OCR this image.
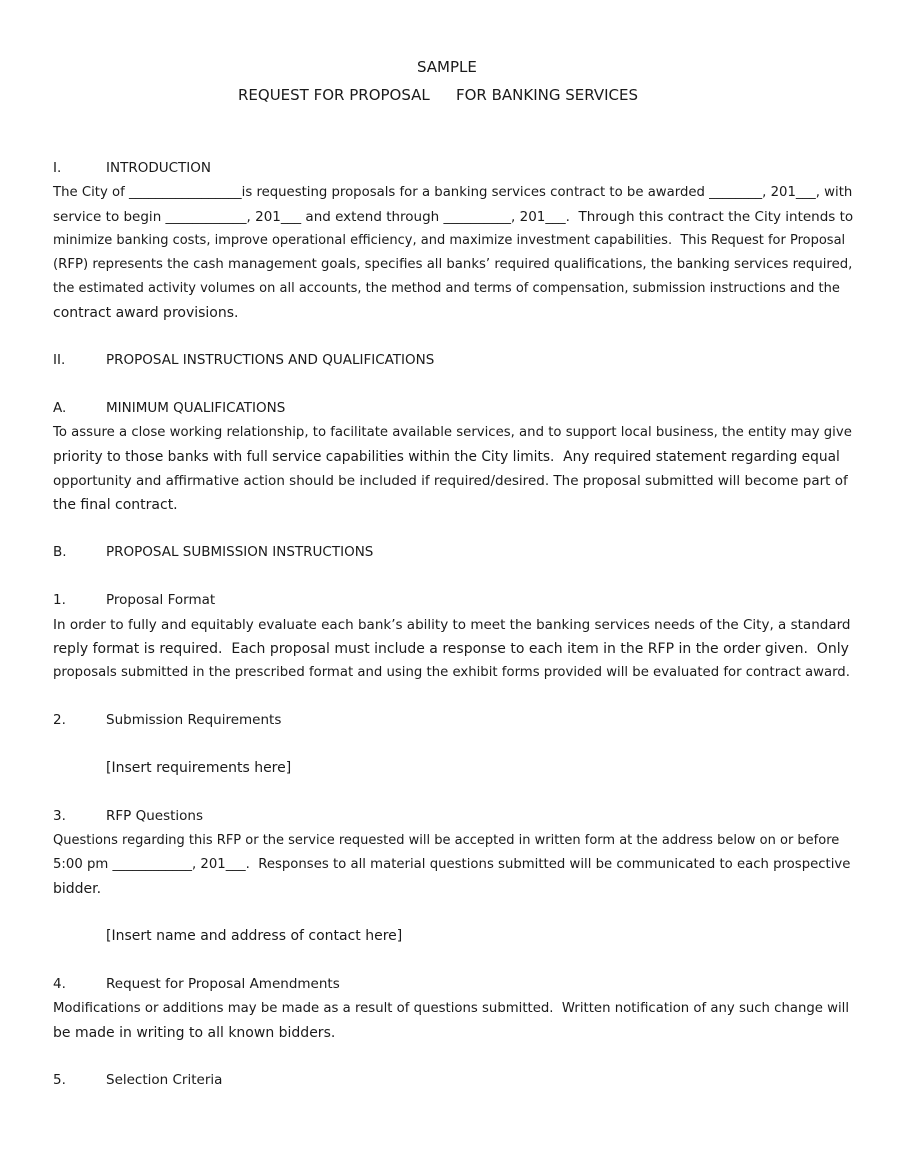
SAMPLE
REQUEST FOR PROPOSAL FOR BANKING SERVICES
I.	INTRODUCTION
The City of _________________is requesting proposals for a banking services contract to be awarded ________, 201___, with
service to begin ____________, 201___ and extend through __________, 201___.  Through this contract the City intends to
minimize banking costs, improve operational efficiency, and maximize investment capabilities.  This Request for Proposal
(RFP) represents the cash management goals, specifies all banks’ required qualifications, the banking services required,
the estimated activity volumes on all accounts, the method and terms of compensation, submission instructions and the
contract award provisions.
II.	PROPOSAL INSTRUCTIONS AND QUALIFICATIONS
A.	MINIMUM QUALIFICATIONS
To assure a close working relationship, to facilitate available services, and to support local business, the entity may give
priority to those banks with full service capabilities within the City limits.  Any required statement regarding equal
opportunity and affirmative action should be included if required/desired. The proposal submitted will become part of
the final contract.
B.	PROPOSAL SUBMISSION INSTRUCTIONS
1.	Proposal Format
In order to fully and equitably evaluate each bank’s ability to meet the banking services needs of the City, a standard
reply format is required.  Each proposal must include a response to each item in the RFP in the order given.  Only
proposals submitted in the prescribed format and using the exhibit forms provided will be evaluated for contract award.
2.	Submission Requirements
[Insert requirements here]
3.	RFP Questions
Questions regarding this RFP or the service requested will be accepted in written form at the address below on or before
5:00 pm ____________, 201___.  Responses to all material questions submitted will be communicated to each prospective
bidder.
[Insert name and address of contact here]
4.	Request for Proposal Amendments
Modifications or additions may be made as a result of questions submitted.  Written notification of any such change will
be made in writing to all known bidders.
5.	Selection Criteria
